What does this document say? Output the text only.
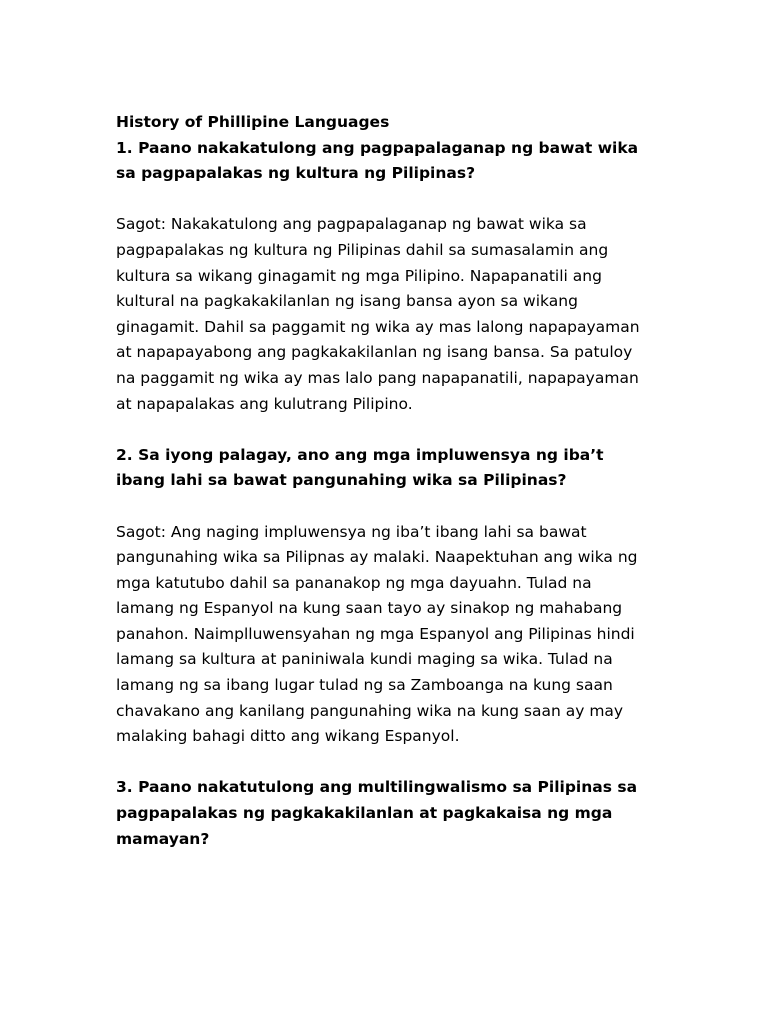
History of Phillipine Languages
1. Paano nakakatulong ang pagpapalaganap ng bawat wika
sa pagpapalakas ng kultura ng Pilipinas?
Sagot: Nakakatulong ang pagpapalaganap ng bawat wika sa
pagpapalakas ng kultura ng Pilipinas dahil sa sumasalamin ang
kultura sa wikang ginagamit ng mga Pilipino. Napapanatili ang
kultural na pagkakakilanlan ng isang bansa ayon sa wikang
ginagamit. Dahil sa paggamit ng wika ay mas lalong napapayaman
at napapayabong ang pagkakakilanlan ng isang bansa. Sa patuloy
na paggamit ng wika ay mas lalo pang napapanatili, napapayaman
at napapalakas ang kulutrang Pilipino.
2. Sa iyong palagay, ano ang mga impluwensya ng iba’t
ibang lahi sa bawat pangunahing wika sa Pilipinas?
Sagot: Ang naging impluwensya ng iba’t ibang lahi sa bawat
pangunahing wika sa Pilipnas ay malaki. Naapektuhan ang wika ng
mga katutubo dahil sa pananakop ng mga dayuahn. Tulad na
lamang ng Espanyol na kung saan tayo ay sinakop ng mahabang
panahon. Naimplluwensyahan ng mga Espanyol ang Pilipinas hindi
lamang sa kultura at paniniwala kundi maging sa wika. Tulad na
lamang ng sa ibang lugar tulad ng sa Zamboanga na kung saan
chavakano ang kanilang pangunahing wika na kung saan ay may
malaking bahagi ditto ang wikang Espanyol.
3. Paano nakatutulong ang multilingwalismo sa Pilipinas sa
pagpapalakas ng pagkakakilanlan at pagkakaisa ng mga
mamayan?
